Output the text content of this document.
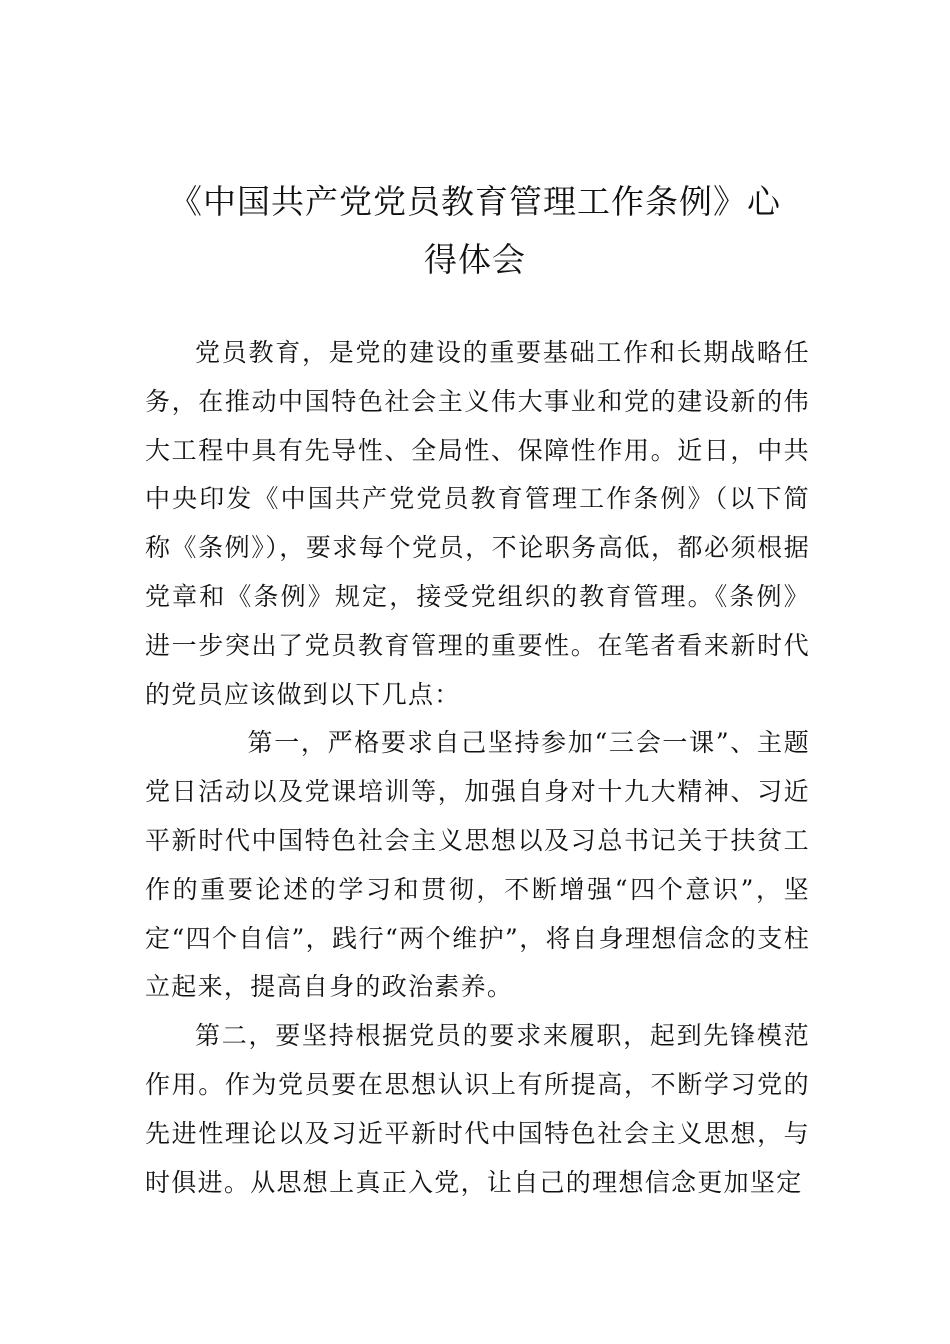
《中国共产党党员教育管理工作条例》心
得体会

党员教育，是党的建设的重要基础工作和长期战略任务，在推动中国特色社会主义伟大事业和党的建设新的伟大工程中具有先导性、全局性、保障性作用。近日，中共中央印发《中国共产党党员教育管理工作条例》（以下简称《条例》），要求每个党员，不论职务高低，都必须根据党章和《条例》规定，接受党组织的教育管理。《条例》进一步突出了党员教育管理的重要性。在笔者看来新时代的党员应该做到以下几点：

第一，严格要求自己坚持参加“三会一课”、主题党日活动以及党课培训等，加强自身对十九大精神、习近平新时代中国特色社会主义思想以及习总书记关于扶贫工作的重要论述的学习和贯彻，不断增强“四个意识”，坚定“四个自信”，践行“两个维护”，将自身理想信念的支柱立起来，提高自身的政治素养。

第二，要坚持根据党员的要求来履职，起到先锋模范作用。作为党员要在思想认识上有所提高，不断学习党的先进性理论以及习近平新时代中国特色社会主义思想，与时俱进。从思想上真正入党，让自己的理想信念更加坚定
